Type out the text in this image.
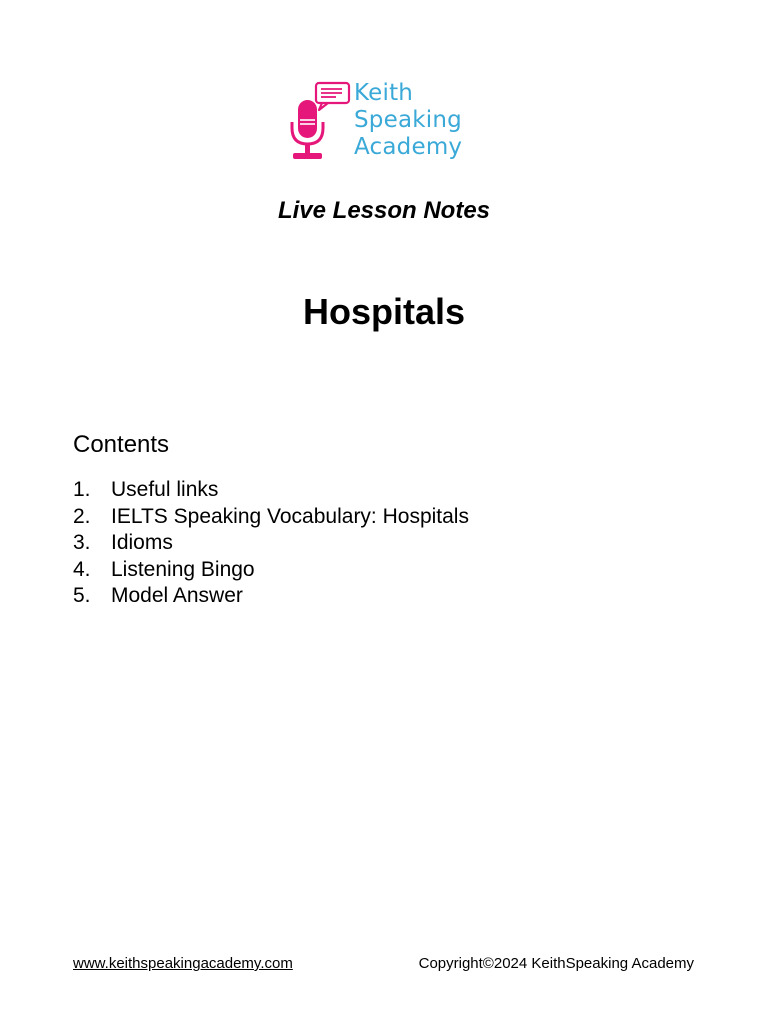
Keith
Speaking
Academy
Live Lesson Notes
Hospitals
Contents
1. Useful links
2. IELTS Speaking Vocabulary: Hospitals
3. Idioms
4. Listening Bingo
5. Model Answer
www.keithspeakingacademy.com	Copyright©2024 KeithSpeaking Academy
